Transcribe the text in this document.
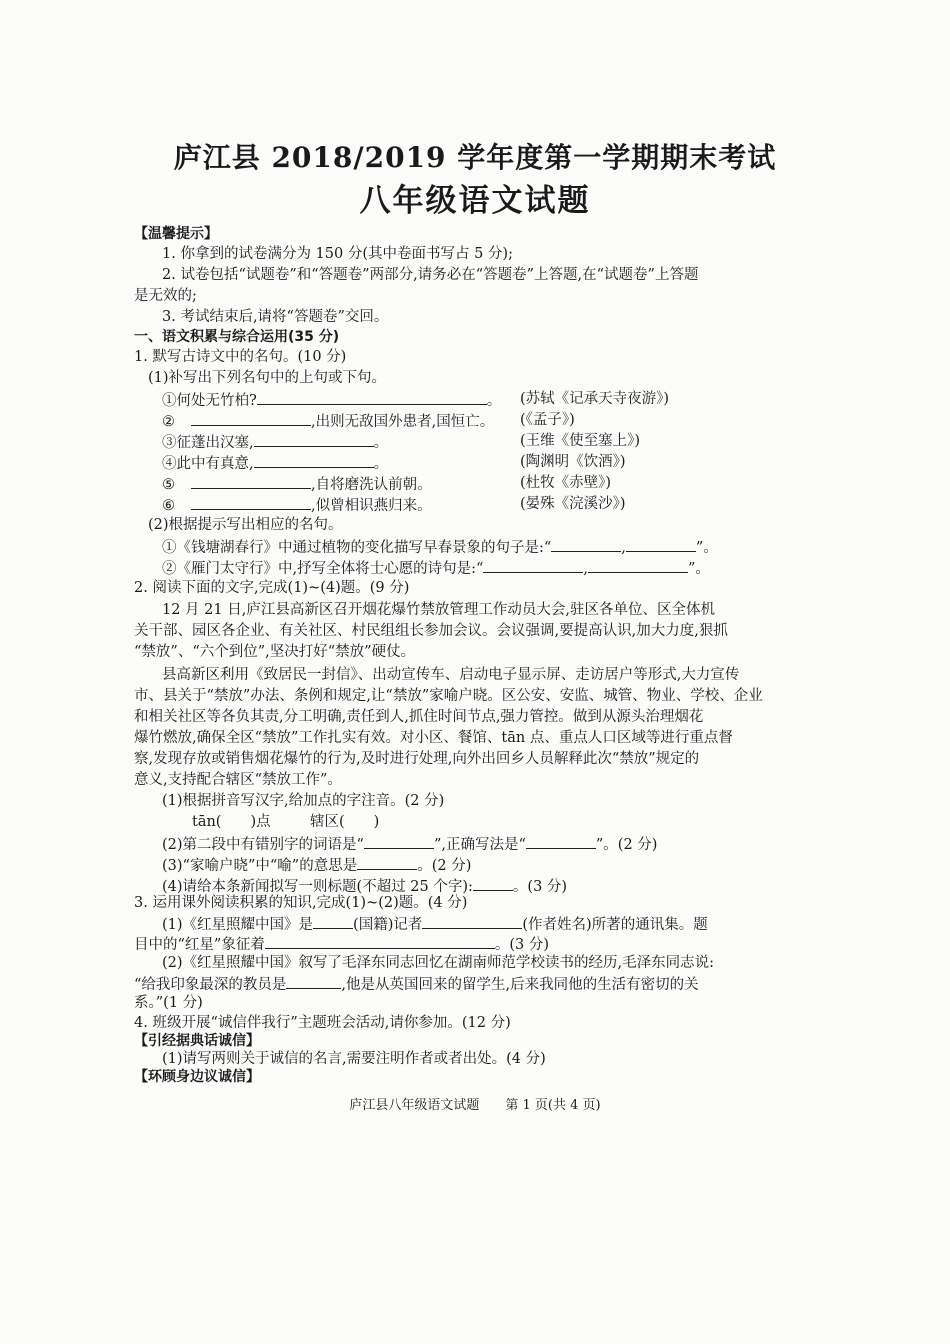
庐江县 2018/2019 学年度第一学期期末考试
八年级语文试题
【温馨提示】
1. 你拿到的试卷满分为 150 分(其中卷面书写占 5 分);
2. 试卷包括“试题卷”和“答题卷”两部分,请务必在“答题卷”上答题,在“试题卷”上答题
是无效的;
3. 考试结束后,请将“答题卷”交回。
一、语文积累与综合运用(35 分)
1. 默写古诗文中的名句。(10 分)
(1)补写出下列名句中的上句或下句。
①何处无竹柏?	。 (苏轼《记承天寺夜游》)
②	,出则无敌国外患者,国恒亡。 (《孟子》)
③征蓬出汉塞,	。	(王维《使至塞上》)
④此中有真意,	。	(陶渊明《饮酒》)
⑤	,自将磨洗认前朝。	(杜牧《赤壁》)
⑥	,似曾相识燕归来。	(晏殊《浣溪沙》)
(2)根据提示写出相应的名句。
①《钱塘湖春行》中通过植物的变化描写早春景象的句子是:“	,	”。
②《雁门太守行》中,抒写全体将士心愿的诗句是:“	,	”。
2. 阅读下面的文字,完成(1)~(4)题。(9 分)
12 月 21 日,庐江县高新区召开烟花爆竹禁放管理工作动员大会,驻区各单位、区全体机
关干部、园区各企业、有关社区、村民组组长参加会议。会议强调,要提高认识,加大力度,狠抓
“禁放”、“六个到位”,坚决打好“禁放”硬仗。
县高新区利用《致居民一封信》、出动宣传车、启动电子显示屏、走访居户等形式,大力宣传
市、县关于“禁放”办法、条例和规定,让“禁放”家喻户晓。区公安、安监、城管、物业、学校、企业
和相关社区等各负其责,分工明确,责任到人,抓住时间节点,强力管控。做到从源头治理烟花
爆竹燃放,确保全区“禁放”工作扎实有效。对小区、餐馆、tān 点、重点人口区域等进行重点督
察,发现存放或销售烟花爆竹的行为,及时进行处理,向外出回乡人员解释此次“禁放”规定的
意义,支持配合辖区“禁放工作”。
(1)根据拼音写汉字,给加点的字注音。(2 分)
tān(　　)点	辖区(　　)
(2)第二段中有错别字的词语是“	”,正确写法是“	”。(2 分)
(3)“家喻户晓”中“喻”的意思是	。(2 分)
(4)请给本条新闻拟写一则标题(不超过 25 个字):	。(3 分)
3. 运用课外阅读积累的知识,完成(1)~(2)题。(4 分)
(1)《红星照耀中国》是	(国籍)记者	(作者姓名)所著的通讯集。题
目中的“红星”象征着	。(3 分)
(2)《红星照耀中国》叙写了毛泽东同志回忆在湖南师范学校读书的经历,毛泽东同志说:
“给我印象最深的教员是	,他是从英国回来的留学生,后来我同他的生活有密切的关
系。”(1 分)
庐江县八年级语文试题　　第 1 页(共 4 页)
4. 班级开展“诚信伴我行”主题班会活动,请你参加。(12 分)
【引经据典话诚信】
(1)请写两则关于诚信的名言,需要注明作者或者出处。(4 分)
【环顾身边议诚信】
